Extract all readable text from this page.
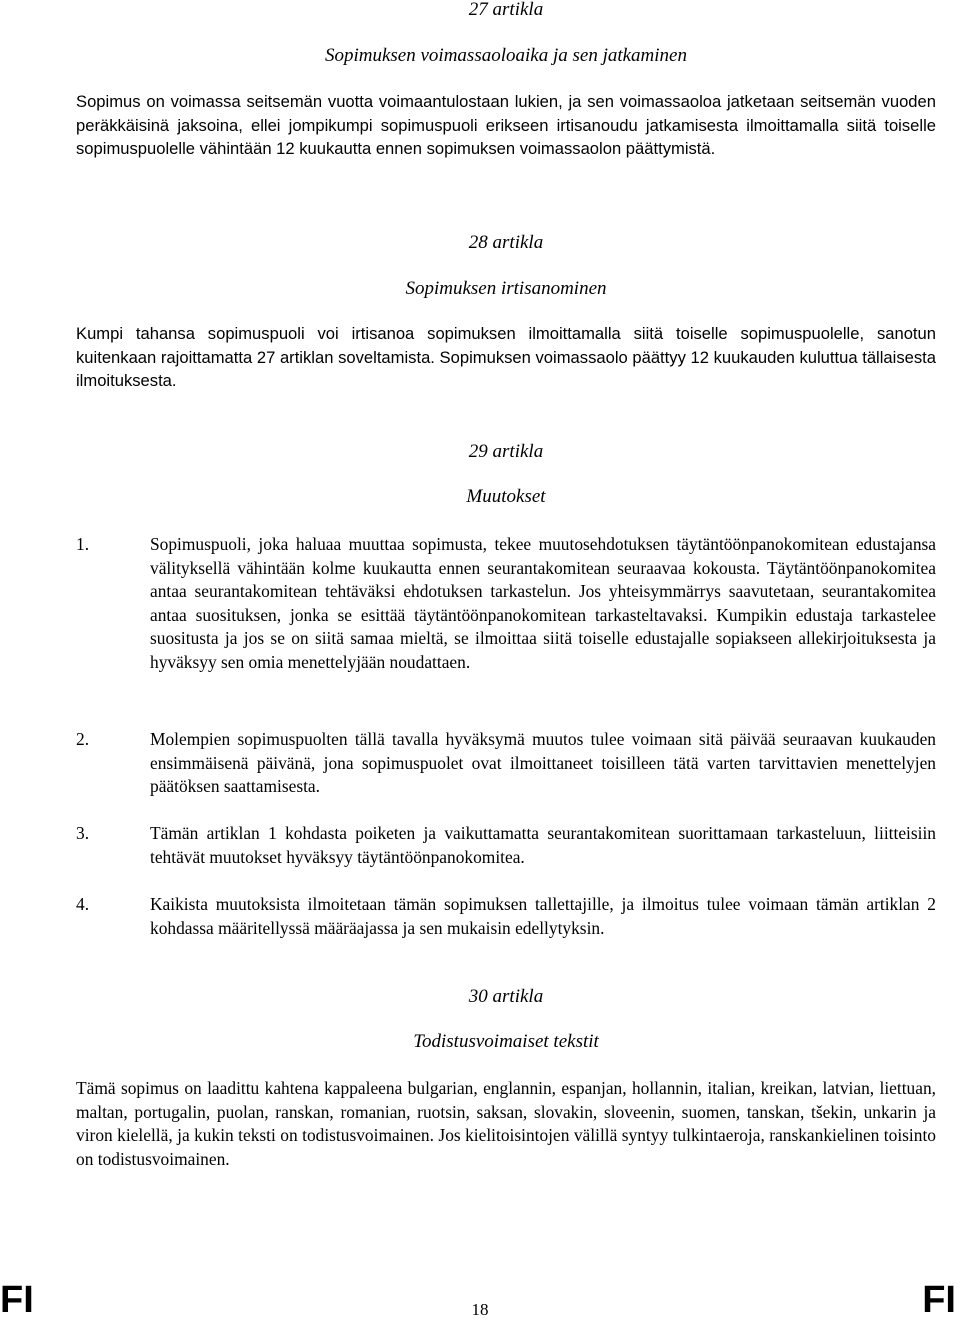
27 artikla
Sopimuksen voimassaoloaika ja sen jatkaminen
Sopimus on voimassa seitsemän vuotta voimaantulostaan lukien, ja sen voimassaoloa jatketaan seitsemän vuoden peräkkäisinä jaksoina, ellei jompikumpi sopimuspuoli erikseen irtisanoudu jatkamisesta ilmoittamalla siitä toiselle sopimuspuolelle vähintään 12 kuukautta ennen sopimuksen voimassaolon päättymistä.
28 artikla
Sopimuksen irtisanominen
Kumpi tahansa sopimuspuoli voi irtisanoa sopimuksen ilmoittamalla siitä toiselle sopimuspuolelle, sanotun kuitenkaan rajoittamatta 27 artiklan soveltamista. Sopimuksen voimassaolo päättyy 12 kuukauden kuluttua tällaisesta ilmoituksesta.
29 artikla
Muutokset
1.	Sopimuspuoli, joka haluaa muuttaa sopimusta, tekee muutosehdotuksen täytäntöönpanokomitean edustajansa välityksellä vähintään kolme kuukautta ennen seurantakomitean seuraavaa kokousta. Täytäntöönpanokomitea antaa seurantakomitean tehtäväksi ehdotuksen tarkastelun. Jos yhteisymmärrys saavutetaan, seurantakomitea antaa suosituksen, jonka se esittää täytäntöönpanokomitean tarkasteltavaksi. Kumpikin edustaja tarkastelee suositusta ja jos se on siitä samaa mieltä, se ilmoittaa siitä toiselle edustajalle sopiakseen allekirjoituksesta ja hyväksyy sen omia menettelyjään noudattaen.
2.	Molempien sopimuspuolten tällä tavalla hyväksymä muutos tulee voimaan sitä päivää seuraavan kuukauden ensimmäisenä päivänä, jona sopimuspuolet ovat ilmoittaneet toisilleen tätä varten tarvittavien menettelyjen päätöksen saattamisesta.
3.	Tämän artiklan 1 kohdasta poiketen ja vaikuttamatta seurantakomitean suorittamaan tarkasteluun, liitteisiin tehtävät muutokset hyväksyy täytäntöönpanokomitea.
4.	Kaikista muutoksista ilmoitetaan tämän sopimuksen tallettajille, ja ilmoitus tulee voimaan tämän artiklan 2 kohdassa määritellyssä määräajassa ja sen mukaisin edellytyksin.
30 artikla
Todistusvoimaiset tekstit
Tämä sopimus on laadittu kahtena kappaleena bulgarian, englannin, espanjan, hollannin, italian, kreikan, latvian, liettuan, maltan, portugalin, puolan, ranskan, romanian, ruotsin, saksan, slovakin, sloveenin, suomen, tanskan, tšekin, unkarin ja viron kielellä, ja kukin teksti on todistusvoimainen. Jos kielitoisintojen välillä syntyy tulkintaeroja, ranskankielinen toisinto on todistusvoimainen.
FI	18	FI
